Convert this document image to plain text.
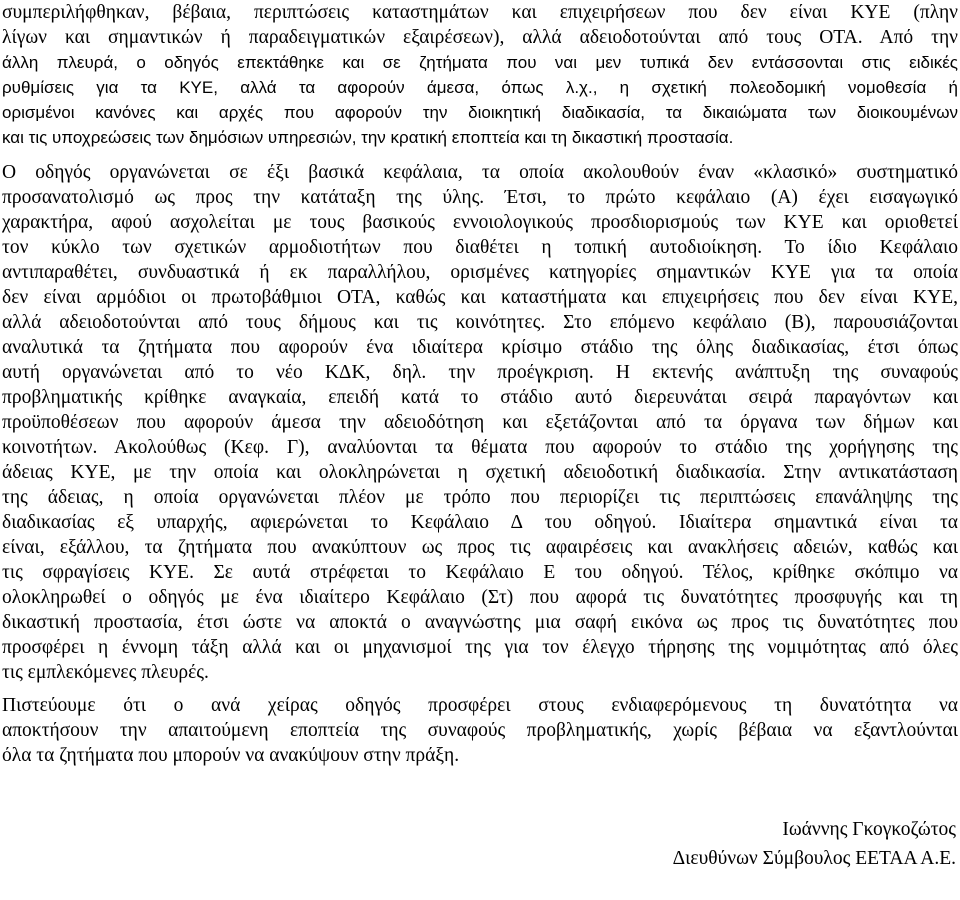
συμπεριλήφθηκαν, βέβαια, περιπτώσεις καταστημάτων και επιχειρήσεων που δεν είναι ΚΥΕ (πλην
λίγων και σημαντικών ή παραδειγματικών εξαιρέσεων), αλλά αδειοδοτούνται από τους ΟΤΑ. Από την
άλλη πλευρά, ο οδηγός επεκτάθηκε και σε ζητήματα που ναι μεν τυπικά δεν εντάσσονται στις ειδικές
ρυθμίσεις για τα ΚΥΕ, αλλά τα αφορούν άμεσα, όπως λ.χ., η σχετική πολεοδομική νομοθεσία ή
ορισμένοι κανόνες και αρχές που αφορούν την διοικητική διαδικασία, τα δικαιώματα των διοικουμένων
και τις υποχρεώσεις των δημόσιων υπηρεσιών, την κρατική εποπτεία και τη δικαστική προστασία.
Ο οδηγός οργανώνεται σε έξι βασικά κεφάλαια, τα οποία ακολουθούν έναν «κλασικό» συστηματικό
προσανατολισμό ως προς την κατάταξη της ύλης. Έτσι, το πρώτο κεφάλαιο (Α) έχει εισαγωγικό
χαρακτήρα, αφού ασχολείται με τους βασικούς εννοιολογικούς προσδιορισμούς των ΚΥΕ και οριοθετεί
τον κύκλο των σχετικών αρμοδιοτήτων που διαθέτει η τοπική αυτοδιοίκηση. Το ίδιο Κεφάλαιο
αντιπαραθέτει, συνδυαστικά ή εκ παραλλήλου, ορισμένες κατηγορίες σημαντικών ΚΥΕ για τα οποία
δεν είναι αρμόδιοι οι πρωτοβάθμιοι ΟΤΑ, καθώς και καταστήματα και επιχειρήσεις που δεν είναι ΚΥΕ,
αλλά αδειοδοτούνται από τους δήμους και τις κοινότητες. Στο επόμενο κεφάλαιο (Β), παρουσιάζονται
αναλυτικά τα ζητήματα που αφορούν ένα ιδιαίτερα κρίσιμο στάδιο της όλης διαδικασίας, έτσι όπως
αυτή οργανώνεται από το νέο ΚΔΚ, δηλ. την προέγκριση. Η εκτενής ανάπτυξη της συναφούς
προβληματικής κρίθηκε αναγκαία, επειδή κατά το στάδιο αυτό διερευνάται σειρά παραγόντων και
προϋποθέσεων που αφορούν άμεσα την αδειοδότηση και εξετάζονται από τα όργανα των δήμων και
κοινοτήτων. Ακολούθως (Κεφ. Γ), αναλύονται τα θέματα που αφορούν το στάδιο της χορήγησης της
άδειας ΚΥΕ, με την οποία και ολοκληρώνεται η σχετική αδειοδοτική διαδικασία. Στην αντικατάσταση
της άδειας, η οποία οργανώνεται πλέον με τρόπο που περιορίζει τις περιπτώσεις επανάληψης της
διαδικασίας εξ υπαρχής, αφιερώνεται το Κεφάλαιο Δ του οδηγού. Ιδιαίτερα σημαντικά είναι τα
είναι, εξάλλου, τα ζητήματα που ανακύπτουν ως προς τις αφαιρέσεις και ανακλήσεις αδειών, καθώς και
τις σφραγίσεις ΚΥΕ. Σε αυτά στρέφεται το Κεφάλαιο Ε του οδηγού. Τέλος, κρίθηκε σκόπιμο να
ολοκληρωθεί ο οδηγός με ένα ιδιαίτερο Κεφάλαιο (Στ) που αφορά τις δυνατότητες προσφυγής και τη
δικαστική προστασία, έτσι ώστε να αποκτά ο αναγνώστης μια σαφή εικόνα ως προς τις δυνατότητες που
προσφέρει η έννομη τάξη αλλά και οι μηχανισμοί της για τον έλεγχο τήρησης της νομιμότητας από όλες
τις εμπλεκόμενες πλευρές.
Πιστεύουμε ότι ο ανά χείρας οδηγός προσφέρει στους ενδιαφερόμενους τη δυνατότητα να
αποκτήσουν την απαιτούμενη εποπτεία της συναφούς προβληματικής, χωρίς βέβαια να εξαντλούνται
όλα τα ζητήματα που μπορούν να ανακύψουν στην πράξη.
Ιωάννης Γκογκοζώτος
Διευθύνων Σύμβουλος ΕΕΤΑΑ Α.Ε.
